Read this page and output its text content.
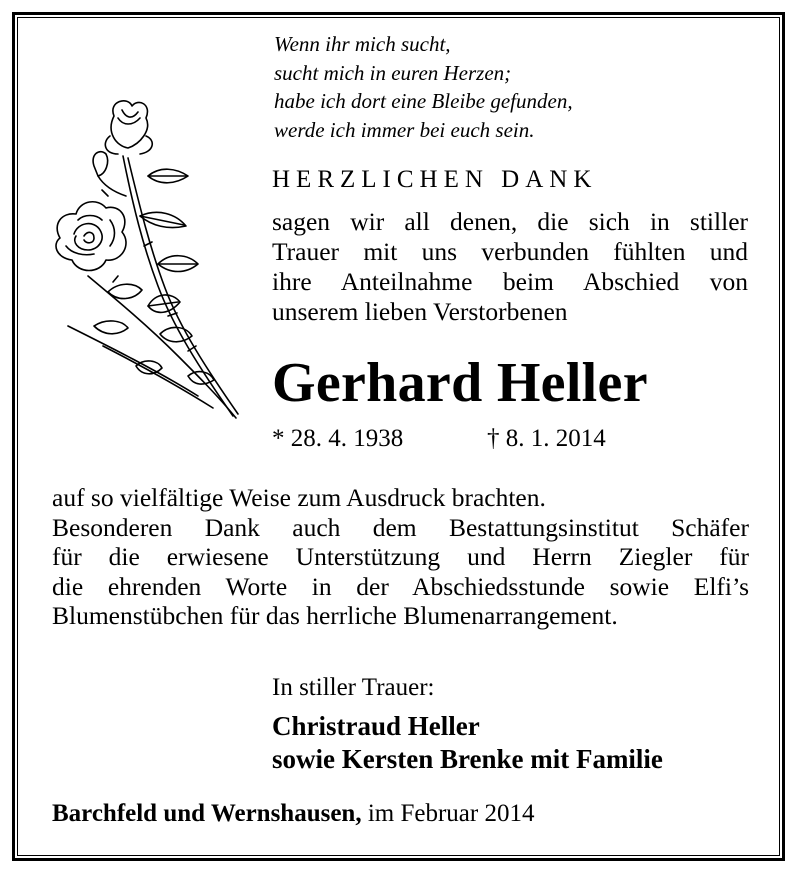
Wenn ihr mich sucht,
sucht mich in euren Herzen;
habe ich dort eine Bleibe gefunden,
werde ich immer bei euch sein.
HERZLICHEN DANK
sagen wir all denen, die sich in stiller
Trauer mit uns verbunden fühlten und
ihre Anteilnahme beim Abschied von
unserem lieben Verstorbenen
Gerhard Heller
* 28. 4. 1938	† 8. 1. 2014
auf so vielfältige Weise zum Ausdruck brachten.
Besonderen Dank auch dem Bestattungsinstitut Schäfer
für die erwiesene Unterstützung und Herrn Ziegler für
die ehrenden Worte in der Abschiedsstunde sowie Elfi’s
Blumenstübchen für das herrliche Blumenarrangement.
In stiller Trauer:
Christraud Heller
sowie Kersten Brenke mit Familie
Barchfeld und Wernshausen, im Februar 2014
